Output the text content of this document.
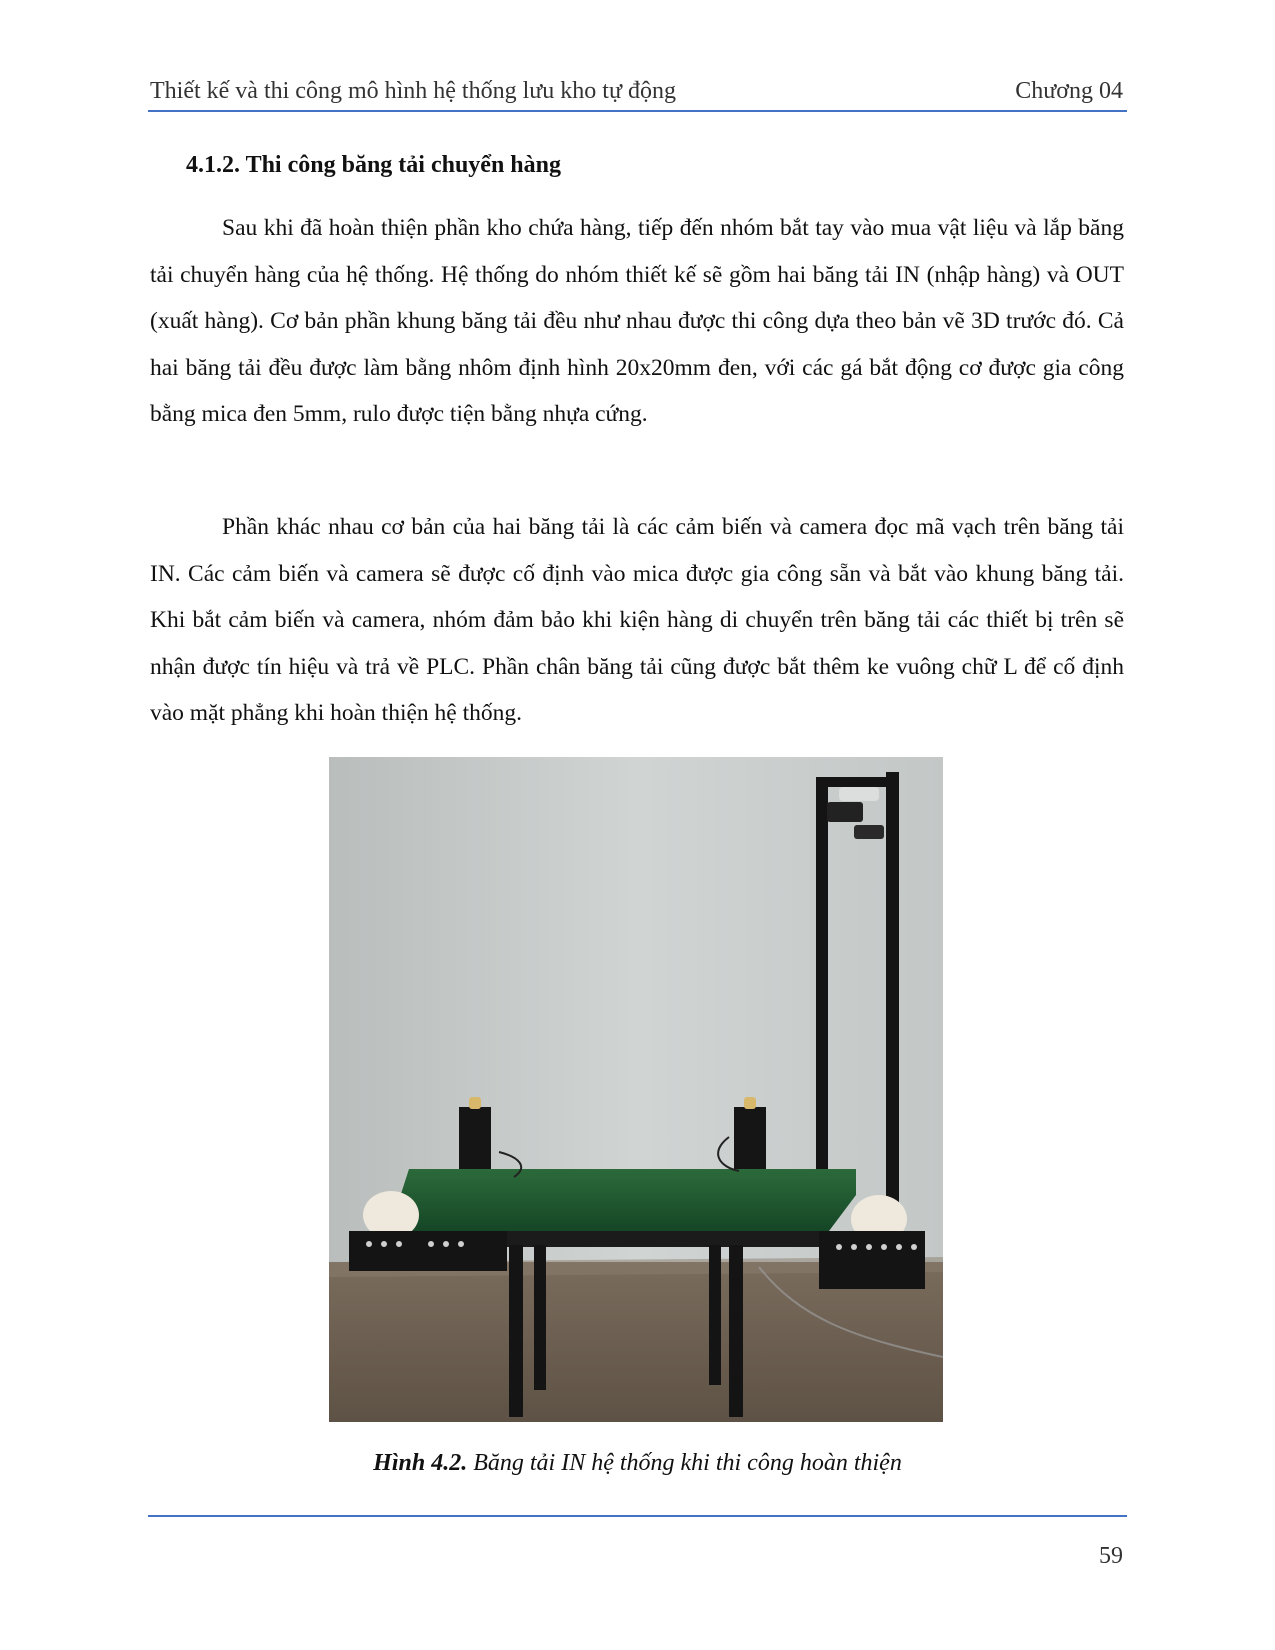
Thiết kế và thi công mô hình hệ thống lưu kho tự động	Chương 04
4.1.2. Thi công băng tải chuyển hàng

Sau khi đã hoàn thiện phần kho chứa hàng, tiếp đến nhóm bắt tay vào mua vật liệu và lắp băng tải chuyển hàng của hệ thống. Hệ thống do nhóm thiết kế sẽ gồm hai băng tải IN (nhập hàng) và OUT (xuất hàng). Cơ bản phần khung băng tải đều như nhau được thi công dựa theo bản vẽ 3D trước đó. Cả hai băng tải đều được làm bằng nhôm định hình 20x20mm đen, với các gá bắt động cơ được gia công bằng mica đen 5mm, rulo được tiện bằng nhựa cứng.

Phần khác nhau cơ bản của hai băng tải là các cảm biến và camera đọc mã vạch trên băng tải IN. Các cảm biến và camera sẽ được cố định vào mica được gia công sẵn và bắt vào khung băng tải. Khi bắt cảm biến và camera, nhóm đảm bảo khi kiện hàng di chuyển trên băng tải các thiết bị trên sẽ nhận được tín hiệu và trả về PLC. Phần chân băng tải cũng được bắt thêm ke vuông chữ L để cố định vào mặt phẳng khi hoàn thiện hệ thống.

Hình 4.2. Băng tải IN hệ thống khi thi công hoàn thiện
59
